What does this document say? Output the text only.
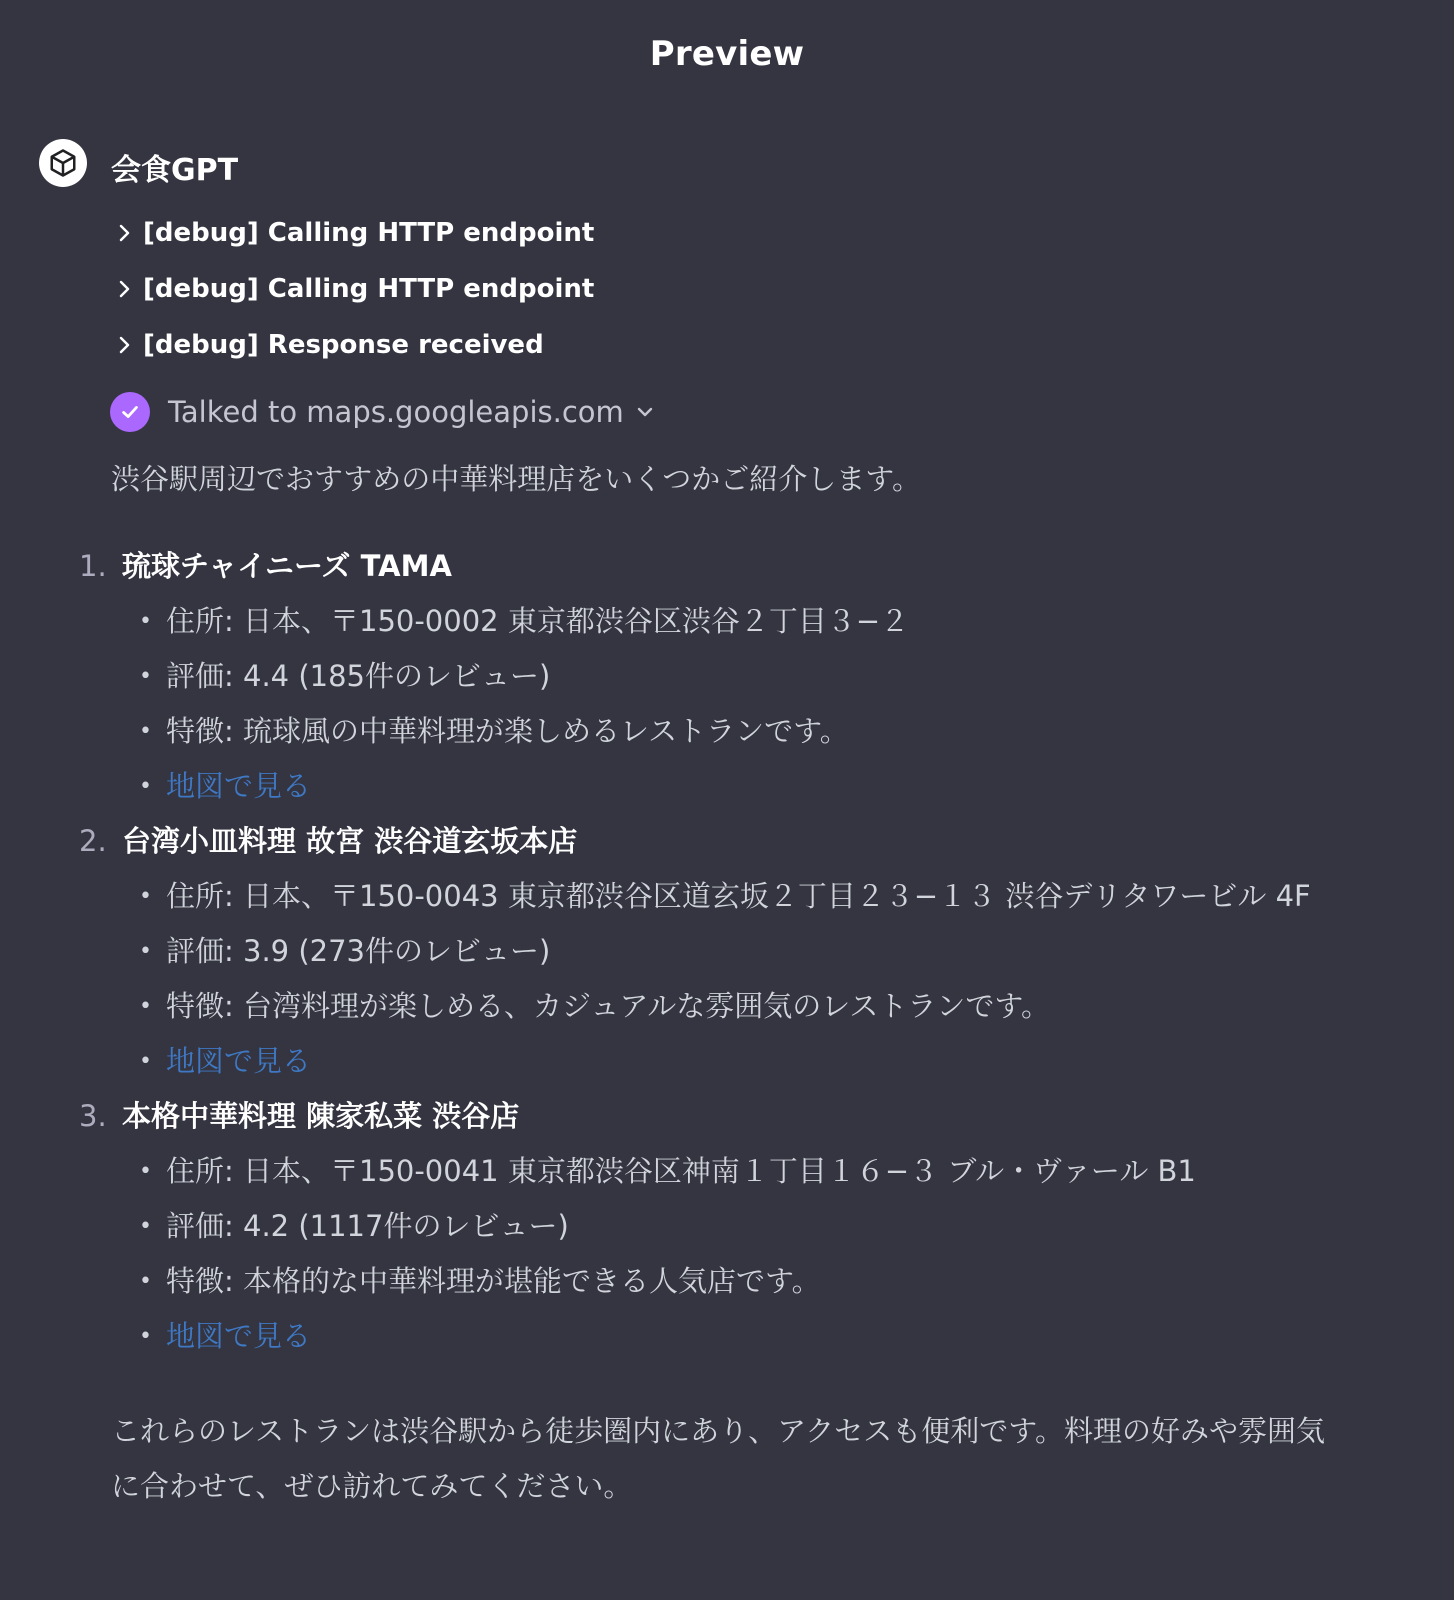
Preview
会食GPT
[debug] Calling HTTP endpoint
[debug] Calling HTTP endpoint
[debug] Response received
Talked to maps.googleapis.com

渋谷駅周辺でおすすめの中華料理店をいくつかご紹介します。

1. 琉球チャイニーズ TAMA
• 住所: 日本、〒150-0002 東京都渋谷区渋谷２丁目３−２
• 評価: 4.4 (185件のレビュー)
• 特徴: 琉球風の中華料理が楽しめるレストランです。
• 地図で見る
2. 台湾小皿料理 故宮 渋谷道玄坂本店
• 住所: 日本、〒150-0043 東京都渋谷区道玄坂２丁目２３−１３ 渋谷デリタワービル 4F
• 評価: 3.9 (273件のレビュー)
• 特徴: 台湾料理が楽しめる、カジュアルな雰囲気のレストランです。
• 地図で見る
3. 本格中華料理 陳家私菜 渋谷店
• 住所: 日本、〒150-0041 東京都渋谷区神南１丁目１６−３ ブル・ヴァール B1
• 評価: 4.2 (1117件のレビュー)
• 特徴: 本格的な中華料理が堪能できる人気店です。
• 地図で見る

これらのレストランは渋谷駅から徒歩圏内にあり、アクセスも便利です。料理の好みや雰囲気に合わせて、ぜひ訪れてみてください。
